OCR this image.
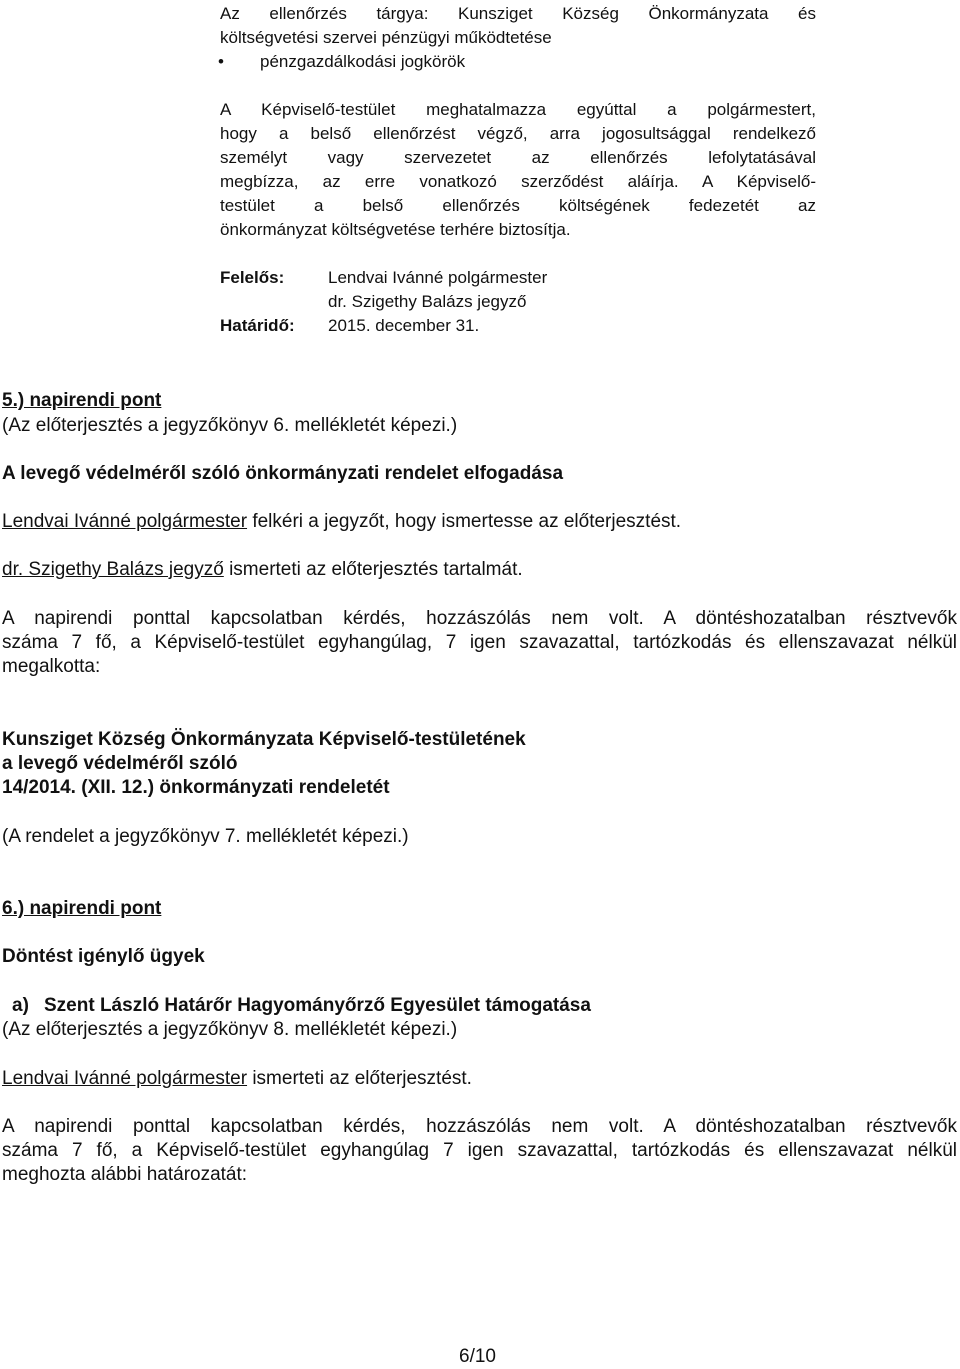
Az ellenőrzés tárgya: Kunsziget Község Önkormányzata és
költségvetési szervei pénzügyi működtetése
• pénzgazdálkodási jogkörök
A Képviselő-testület meghatalmazza egyúttal a polgármestert,
hogy a belső ellenőrzést végző, arra jogosultsággal rendelkező
személyt vagy szervezetet az ellenőrzés lefolytatásával
megbízza, az erre vonatkozó szerződést aláírja. A Képviselő-
testület a belső ellenőrzés költségének fedezetét az
önkormányzat költségvetése terhére biztosítja.
Felelős:	Lendvai Ivánné polgármester
dr. Szigethy Balázs jegyző
Határidő: 2015. december 31.
5.) napirendi pont
(Az előterjesztés a jegyzőkönyv 6. mellékletét képezi.)
A levegő védelméről szóló önkormányzati rendelet elfogadása
Lendvai Ivánné polgármester felkéri a jegyzőt, hogy ismertesse az előterjesztést.
dr. Szigethy Balázs jegyző ismerteti az előterjesztés tartalmát.
A napirendi ponttal kapcsolatban kérdés, hozzászólás nem volt. A döntéshozatalban résztvevők
száma 7 fő, a Képviselő-testület egyhangúlag, 7 igen szavazattal, tartózkodás és ellenszavazat nélkül
megalkotta:
Kunsziget Község Önkormányzata Képviselő-testületének
a levegő védelméről szóló
14/2014. (XII. 12.) önkormányzati rendeletét
(A rendelet a jegyzőkönyv 7. mellékletét képezi.)
6.) napirendi pont
Döntést igénylő ügyek
a) Szent László Határőr Hagyományőrző Egyesület támogatása
(Az előterjesztés a jegyzőkönyv 8. mellékletét képezi.)
Lendvai Ivánné polgármester ismerteti az előterjesztést.
A napirendi ponttal kapcsolatban kérdés, hozzászólás nem volt. A döntéshozatalban résztvevők
száma 7 fő, a Képviselő-testület egyhangúlag 7 igen szavazattal, tartózkodás és ellenszavazat nélkül
meghozta alábbi határozatát:
6/10
